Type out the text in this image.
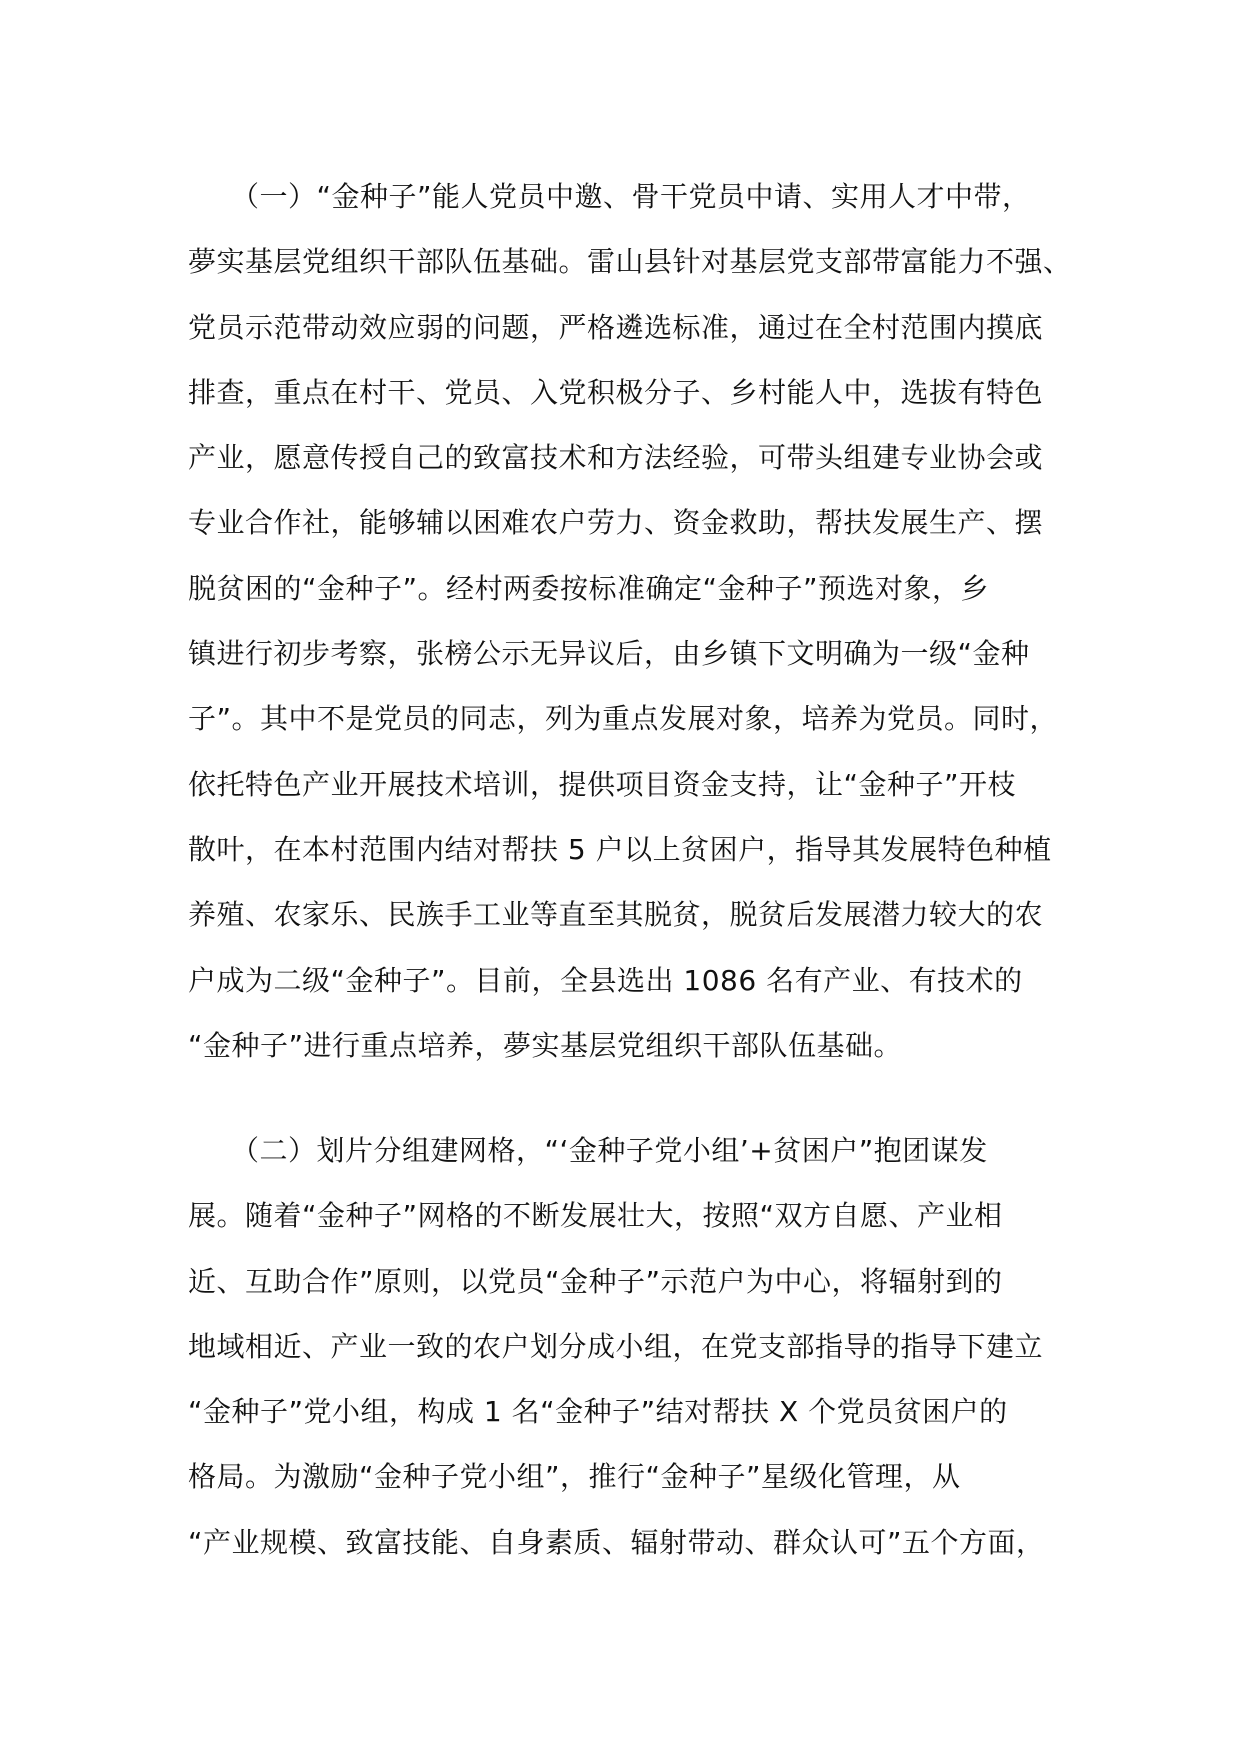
　　（一）“金种子”能人党员中邀、骨干党员中请、实用人才中带，
夢实基层党组织干部队伍基础。雷山县针对基层党支部带富能力不强、
党员示范带动效应弱的问题，严格遴选标准，通过在全村范围内摸底
排查，重点在村干、党员、入党积极分子、乡村能人中，选拔有特色
产业，愿意传授自己的致富技术和方法经验，可带头组建专业协会或
专业合作社，能够辅以困难农户劳力、资金救助，帮扶发展生产、摆
脱贫困的“金种子”。经村两委按标准确定“金种子”预选对象，乡
镇进行初步考察，张榜公示无异议后，由乡镇下文明确为一级“金种
子”。其中不是党员的同志，列为重点发展对象，培养为党员。同时，
依托特色产业开展技术培训，提供项目资金支持，让“金种子”开枝
散叶，在本村范围内结对帮扶 5 户以上贫困户，指导其发展特色种植
养殖、农家乐、民族手工业等直至其脱贫，脱贫后发展潜力较大的农
户成为二级“金种子”。目前，全县选出 1086 名有产业、有技术的
“金种子”进行重点培养，夢实基层党组织干部队伍基础。
　　（二）划片分组建网格，“‘金种子党小组’+贫困户”抱团谋发
展。随着“金种子”网格的不断发展壮大，按照“双方自愿、产业相
近、互助合作”原则，以党员“金种子”示范户为中心，将辐射到的
地域相近、产业一致的农户划分成小组，在党支部指导的指导下建立
“金种子”党小组，构成 1 名“金种子”结对帮扶 X 个党员贫困户的
格局。为激励“金种子党小组”，推行“金种子”星级化管理，从
“产业规模、致富技能、自身素质、辐射带动、群众认可”五个方面，
